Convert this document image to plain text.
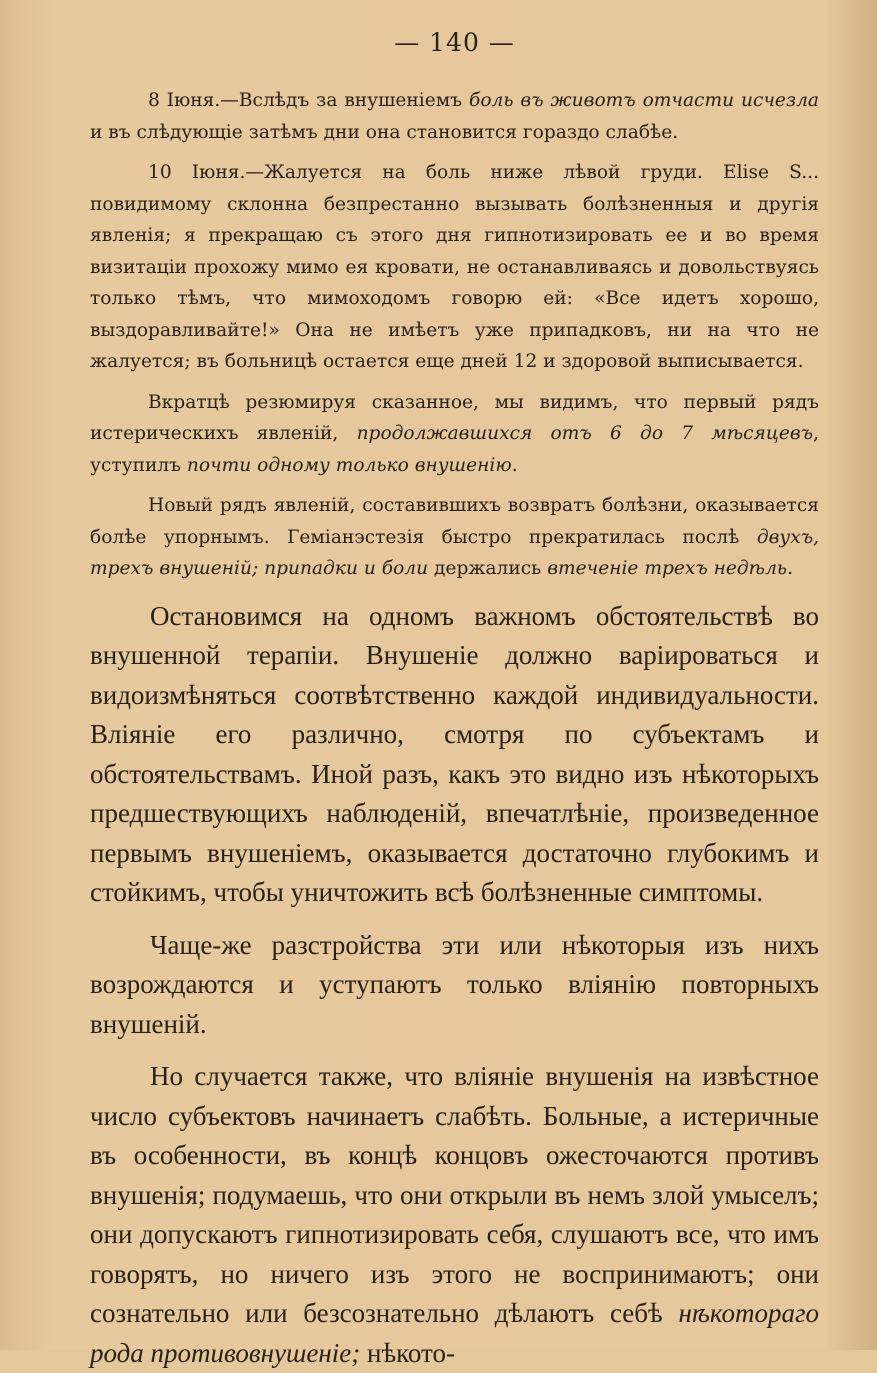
— 140 —

8 Іюня.—Вслѣдъ за внушеніемъ боль въ животъ отчасти исчезла и въ слѣдующіе затѣмъ дни она становится гораздо слабѣе.

10 Іюня.—Жалуется на боль ниже лѣвой груди. Elise S... повидимому склонна безпрестанно вызывать болѣзненныя и другія явленія; я прекращаю съ этого дня гипнотизировать ее и во время визитаціи прохожу мимо ея кровати, не останавливаясь и довольствуясь только тѣмъ, что мимоходомъ говорю ей: «Все идетъ хорошо, выздоравливайте!» Она не имѣетъ уже припадковъ, ни на что не жалуется; въ больницѣ остается еще дней 12 и здоровой выписывается.

Вкратцѣ резюмируя сказанное, мы видимъ, что первый рядъ истерическихъ явленій, продолжавшихся отъ 6 до 7 мѣсяцевъ, уступилъ почти одному только внушенію.

Новый рядъ явленій, составившихъ возвратъ болѣзни, оказывается болѣе упорнымъ. Геміанэстезія быстро прекратилась послѣ двухъ, трехъ внушеній; припадки и боли держались втеченіе трехъ недѣль.

Остановимся на одномъ важномъ обстоятельствѣ во внушенной терапіи. Внушеніе должно варіироваться и видоизмѣняться соотвѣтственно каждой индивидуальности. Вліяніе его различно, смотря по субъектамъ и обстоятельствамъ. Иной разъ, какъ это видно изъ нѣкоторыхъ предшествующихъ наблюденій, впечатлѣніе, произведенное первымъ внушеніемъ, оказывается достаточно глубокимъ и стойкимъ, чтобы уничтожить всѣ болѣзненные симптомы.

Чаще-же разстройства эти или нѣкоторыя изъ нихъ возрождаются и уступаютъ только вліянію повторныхъ внушеній.

Но случается также, что вліяніе внушенія на извѣстное число субъектовъ начинаетъ слабѣть. Больные, а истеричные въ особенности, въ концѣ концовъ ожесточаются противъ внушенія; подумаешь, что они открыли въ немъ злой умыселъ; они допускаютъ гипнотизировать себя, слушаютъ все, что имъ говорятъ, но ничего изъ этого не воспринимаютъ; они сознательно или безсознательно дѣлаютъ себѣ нѣкотораго рода противовнушеніе; нѣкото-
